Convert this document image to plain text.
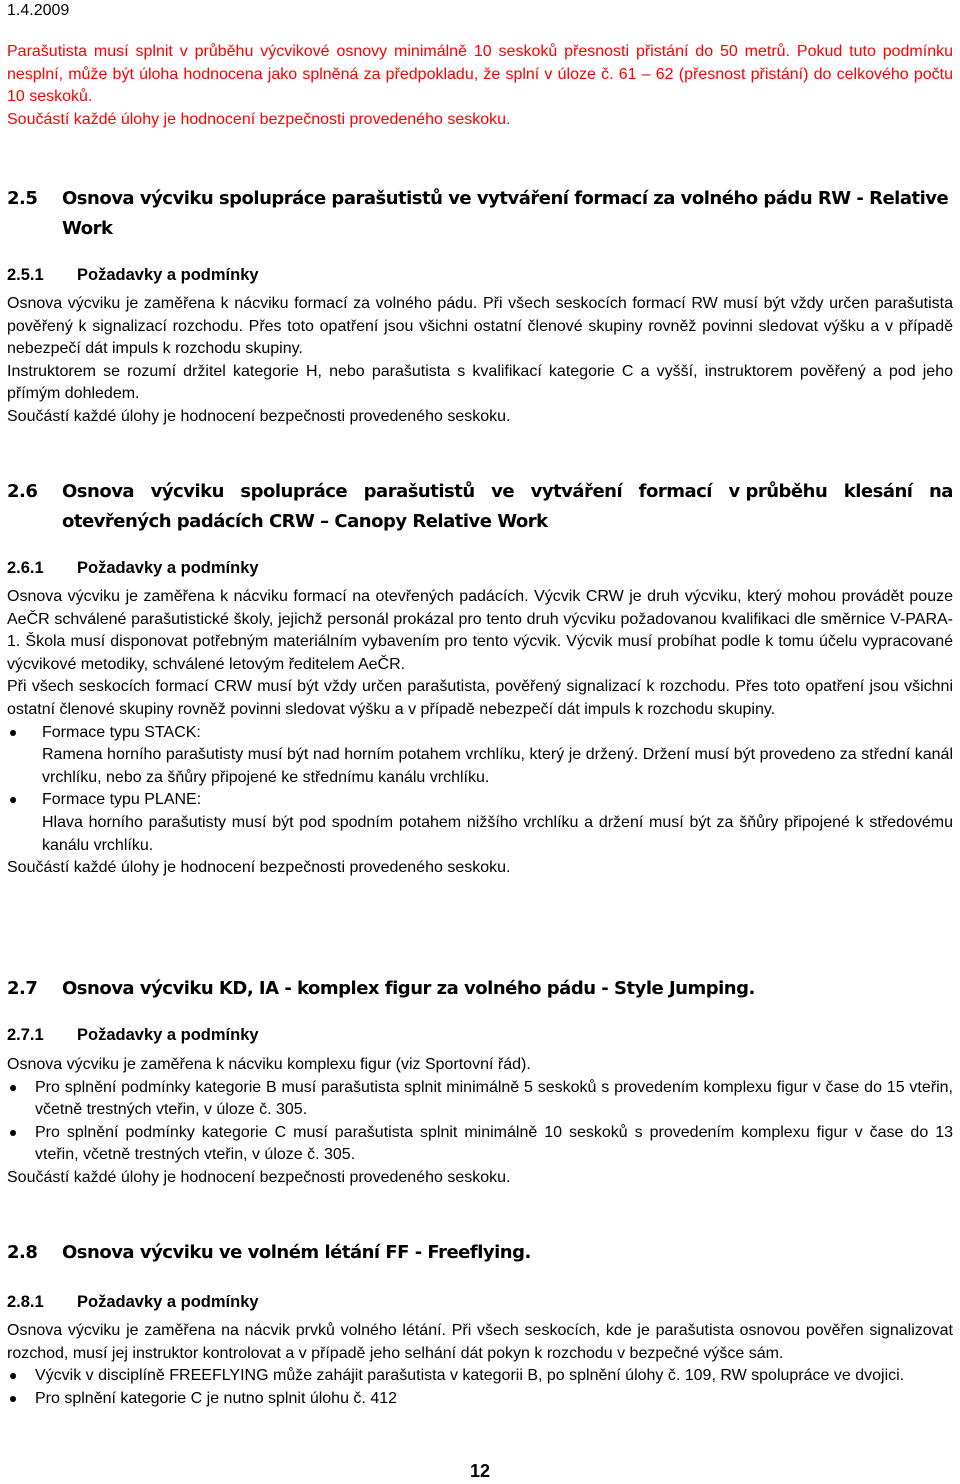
1.4.2009

Parašutista musí splnit v průběhu výcvikové osnovy minimálně 10 seskoků přesnosti přistání do 50 metrů. Pokud tuto podmínku nesplní, může být úloha hodnocena jako splněná za předpokladu, že splní v úloze č. 61 – 62 (přesnost přistání) do celkového počtu 10 seskoků.

Součástí každé úlohy je hodnocení bezpečnosti provedeného seskoku.

2.5 Osnova výcviku spolupráce parašutistů ve vytváření formací za volného pádu RW - Relative Work
2.5.1 Požadavky a podmínky

Osnova výcviku je zaměřena k nácviku formací za volného pádu. Při všech seskocích formací RW musí být vždy určen parašutista pověřený k signalizací rozchodu. Přes toto opatření jsou všichni ostatní členové skupiny rovněž povinni sledovat výšku a v případě nebezpečí dát impuls k rozchodu skupiny.

Instruktorem se rozumí držitel kategorie H, nebo parašutista s kvalifikací kategorie C a vyšší, instruktorem pověřený a pod jeho přímým dohledem.

Součástí každé úlohy je hodnocení bezpečnosti provedeného seskoku.

2.6 Osnova výcviku spolupráce parašutistů ve vytváření formací v průběhu klesání na
otevřených padácích CRW – Canopy Relative Work
2.6.1 Požadavky a podmínky

Osnova výcviku je zaměřena k nácviku formací na otevřených padácích. Výcvik CRW je druh výcviku, který mohou provádět pouze AeČR schválené parašutistické školy, jejichž personál prokázal pro tento druh výcviku požadovanou kvalifikaci dle směrnice V-PARA-1. Škola musí disponovat potřebným materiálním vybavením pro tento výcvik. Výcvik musí probíhat podle k tomu účelu vypracované výcvikové metodiky, schválené letovým ředitelem AeČR.

Při všech seskocích formací CRW musí být vždy určen parašutista, pověřený signalizací k rozchodu. Přes toto opatření jsou všichni ostatní členové skupiny rovněž povinni sledovat výšku a v případě nebezpečí dát impuls k rozchodu skupiny.

Formace typu STACK:

Ramena horního parašutisty musí být nad horním potahem vrchlíku, který je držený. Držení musí být provedeno za střední kanál vrchlíku, nebo za šňůry připojené ke střednímu kanálu vrchlíku.

Formace typu PLANE:

Hlava horního parašutisty musí být pod spodním potahem nižšího vrchlíku a držení musí být za šňůry připojené k středovému kanálu vrchlíku.

Součástí každé úlohy je hodnocení bezpečnosti provedeného seskoku.

2.7 Osnova výcviku KD, IA - komplex figur za volného pádu - Style Jumping.
2.7.1 Požadavky a podmínky

Osnova výcviku je zaměřena k nácviku komplexu figur (viz Sportovní řád).

Pro splnění podmínky kategorie B musí parašutista splnit minimálně 5 seskoků s provedením komplexu figur v čase do 15 vteřin, včetně trestných vteřin, v úloze č. 305.
Pro splnění podmínky kategorie C musí parašutista splnit minimálně 10 seskoků s provedením komplexu figur v čase do 13 vteřin, včetně trestných vteřin, v úloze č. 305.

Součástí každé úlohy je hodnocení bezpečnosti provedeného seskoku.

2.8 Osnova výcviku ve volném létání FF - Freeflying.
2.8.1 Požadavky a podmínky

Osnova výcviku je zaměřena na nácvik prvků volného létání. Při všech seskocích, kde je parašutista osnovou pověřen signalizovat rozchod, musí jej instruktor kontrolovat a v případě jeho selhání dát pokyn k rozchodu v bezpečné výšce sám.

Výcvik v disciplíně FREEFLYING může zahájit parašutista v kategorii B, po splnění úlohy č. 109, RW spolupráce ve dvojici.
Pro splnění kategorie C je nutno splnit úlohu č. 412
12
